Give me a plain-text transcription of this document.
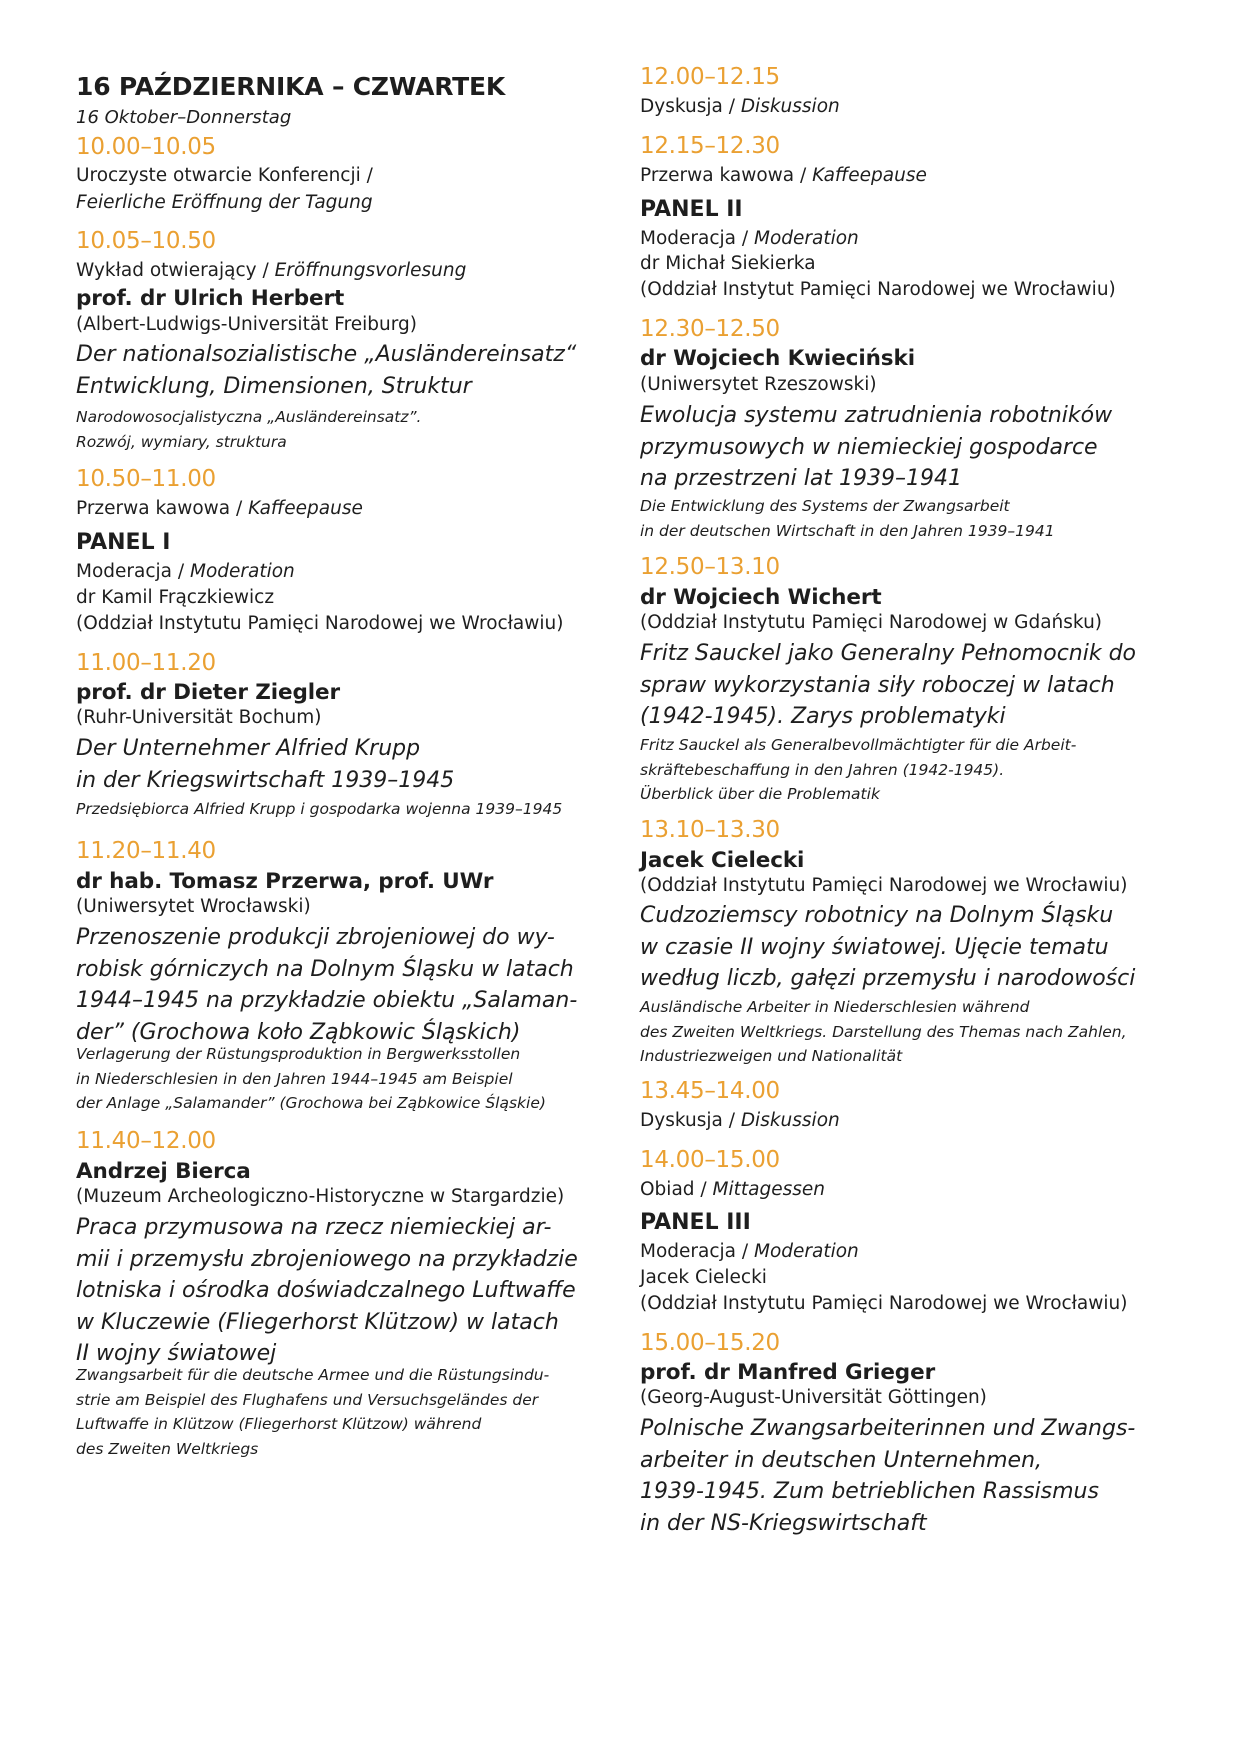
16 PAŹDZIERNIKA – CZWARTEK
16 Oktober–Donnerstag
10.00–10.05
Uroczyste otwarcie Konferencji /
Feierliche Eröffnung der Tagung
10.05–10.50
Wykład otwierający / Eröffnungsvorlesung
prof. dr Ulrich Herbert
(Albert-Ludwigs-Universität Freiburg)
Der nationalsozialistische „Ausländereinsatz“
Entwicklung, Dimensionen, Struktur
Narodowosocjalistyczna „Ausländereinsatz”.
Rozwój, wymiary, struktura
10.50–11.00
Przerwa kawowa / Kaffeepause
PANEL I
Moderacja / Moderation
dr Kamil Frączkiewicz
(Oddział Instytutu Pamięci Narodowej we Wrocławiu)
11.00–11.20
prof. dr Dieter Ziegler
(Ruhr-Universität Bochum)
Der Unternehmer Alfried Krupp
in der Kriegswirtschaft 1939–1945
Przedsiębiorca Alfried Krupp i gospodarka wojenna 1939–1945
11.20–11.40
dr hab. Tomasz Przerwa, prof. UWr
(Uniwersytet Wrocławski)
Przenoszenie produkcji zbrojeniowej do wy-
robisk górniczych na Dolnym Śląsku w latach
1944–1945 na przykładzie obiektu „Salaman-
der” (Grochowa koło Ząbkowic Śląskich)
Verlagerung der Rüstungsproduktion in Bergwerksstollen
in Niederschlesien in den Jahren 1944–1945 am Beispiel
der Anlage „Salamander” (Grochowa bei Ząbkowice Śląskie)
11.40–12.00
Andrzej Bierca
(Muzeum Archeologiczno-Historyczne w Stargardzie)
Praca przymusowa na rzecz niemieckiej ar-
mii i przemysłu zbrojeniowego na przykładzie
lotniska i ośrodka doświadczalnego Luftwaffe
w Kluczewie (Fliegerhorst Klützow) w latach
II wojny światowej
Zwangsarbeit für die deutsche Armee und die Rüstungsindu-
strie am Beispiel des Flughafens und Versuchsgeländes der
Luftwaffe in Klützow (Fliegerhorst Klützow) während
des Zweiten Weltkriegs
12.00–12.15
Dyskusja / Diskussion
12.15–12.30
Przerwa kawowa / Kaffeepause
PANEL II
Moderacja / Moderation
dr Michał Siekierka
(Oddział Instytut Pamięci Narodowej we Wrocławiu)
12.30–12.50
dr Wojciech Kwieciński
(Uniwersytet Rzeszowski)
Ewolucja systemu zatrudnienia robotników
przymusowych w niemieckiej gospodarce
na przestrzeni lat 1939–1941
Die Entwicklung des Systems der Zwangsarbeit
in der deutschen Wirtschaft in den Jahren 1939–1941
12.50–13.10
dr Wojciech Wichert
(Oddział Instytutu Pamięci Narodowej w Gdańsku)
Fritz Sauckel jako Generalny Pełnomocnik do
spraw wykorzystania siły roboczej w latach
(1942-1945). Zarys problematyki
Fritz Sauckel als Generalbevollmächtigter für die Arbeit-
skräftebeschaffung in den Jahren (1942-1945).
Überblick über die Problematik
13.10–13.30
Jacek Cielecki
(Oddział Instytutu Pamięci Narodowej we Wrocławiu)
Cudzoziemscy robotnicy na Dolnym Śląsku
w czasie II wojny światowej. Ujęcie tematu
według liczb, gałęzi przemysłu i narodowości
Ausländische Arbeiter in Niederschlesien während
des Zweiten Weltkriegs. Darstellung des Themas nach Zahlen,
Industriezweigen und Nationalität
13.45–14.00
Dyskusja / Diskussion
14.00–15.00
Obiad / Mittagessen
PANEL III
Moderacja / Moderation
Jacek Cielecki
(Oddział Instytutu Pamięci Narodowej we Wrocławiu)
15.00–15.20
prof. dr Manfred Grieger
(Georg-August-Universität Göttingen)
Polnische Zwangsarbeiterinnen und Zwangs-
arbeiter in deutschen Unternehmen,
1939-1945. Zum betrieblichen Rassismus
in der NS-Kriegswirtschaft
